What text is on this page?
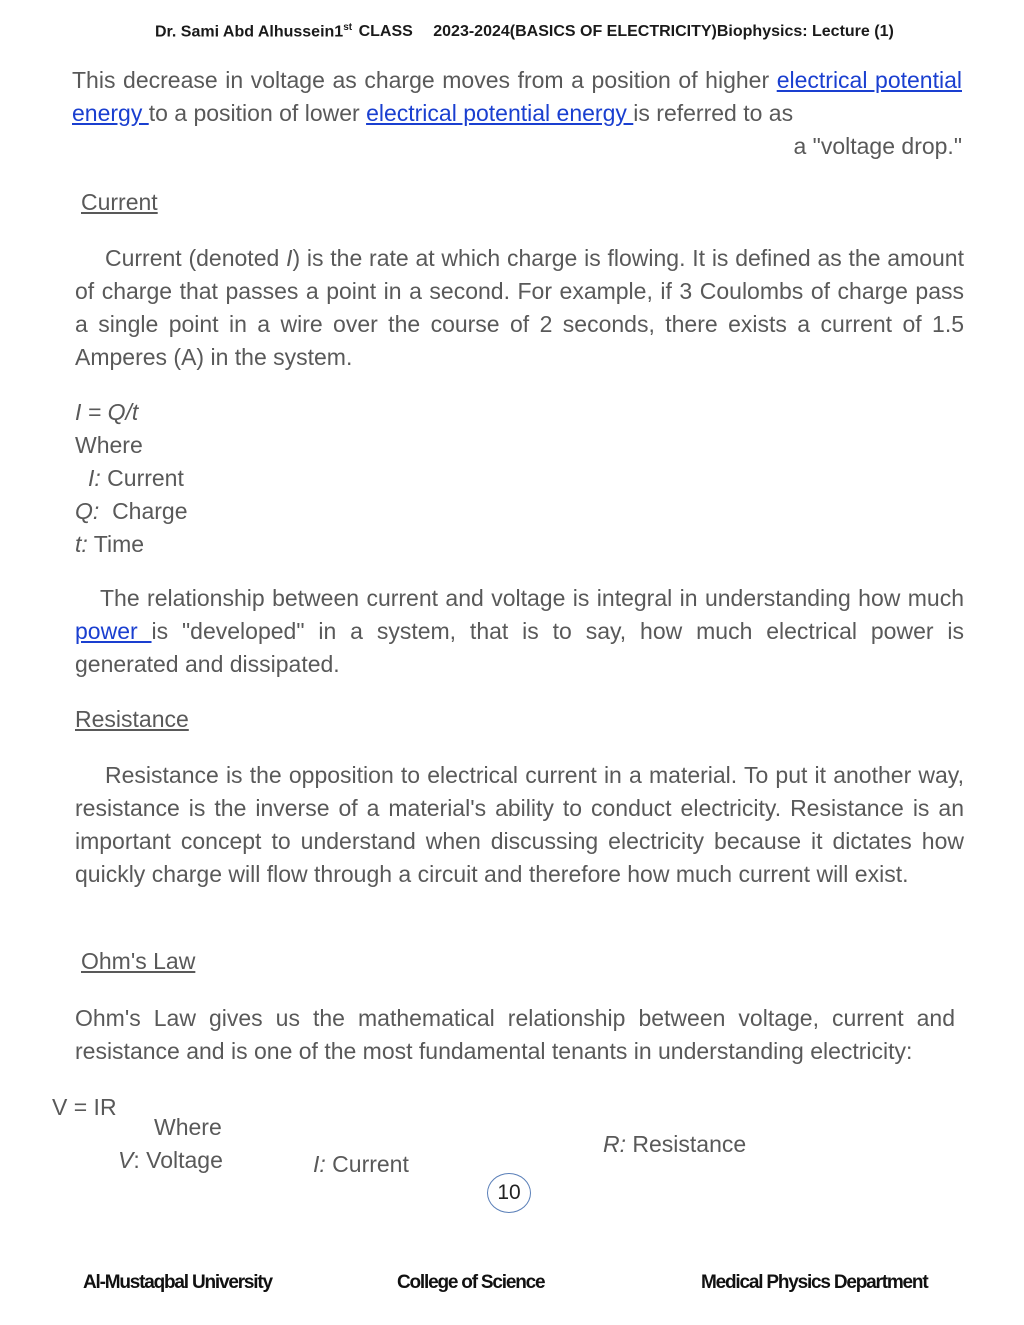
Dr. Sami Abd Alhussein1st CLASS 2023-2024(BASICS OF ELECTRICITY)Biophysics: Lecture (1)
This decrease in voltage as charge moves from a position of higher electrical potential energy to a position of lower electrical potential energy is referred to as
a "voltage drop."
Current
Current (denoted I) is the rate at which charge is flowing. It is defined as the amount of charge that passes a point in a second. For example, if 3 Coulombs of charge pass a single point in a wire over the course of 2 seconds, there exists a current of 1.5 Amperes (A) in the system.
I = Q/t
Where
I: Current
Q: Charge
t: Time
The relationship between current and voltage is integral in understanding how much power is "developed" in a system, that is to say, how much electrical power is generated and dissipated.
Resistance
Resistance is the opposition to electrical current in a material. To put it another way, resistance is the inverse of a material's ability to conduct electricity. Resistance is an important concept to understand when discussing electricity because it dictates how quickly charge will flow through a circuit and therefore how much current will exist.
Ohm's Law
Ohm's Law gives us the mathematical relationship between voltage, current and resistance and is one of the most fundamental tenants in understanding electricity:
V = IR
Where
V: Voltage	I: Current
R: Resistance
10
Al-Mustaqbal University	College of Science	Medical Physics Department
